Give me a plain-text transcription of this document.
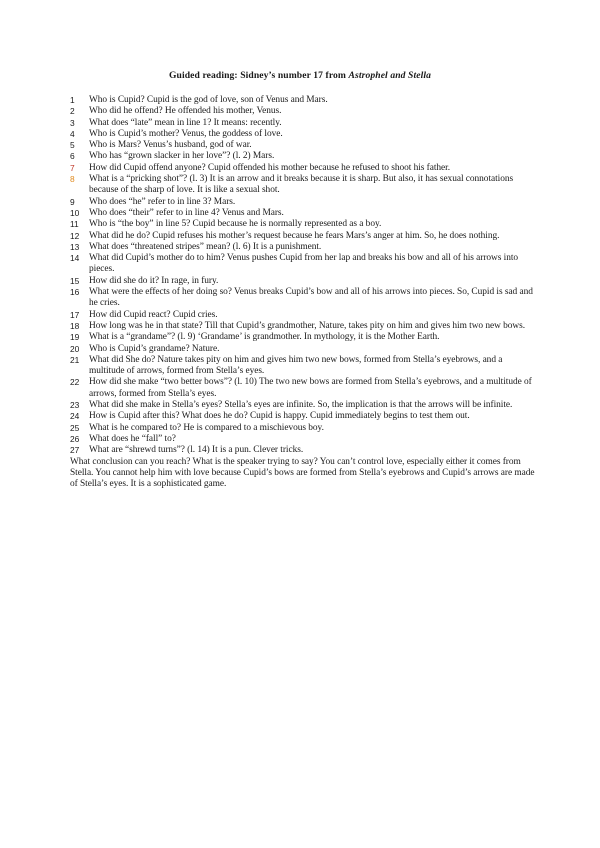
Guided reading: Sidney’s number 17 from Astrophel and Stella
1	Who is Cupid? Cupid is the god of love, son of Venus and Mars.
2	Who did he offend? He offended his mother, Venus.
3	What does “late” mean in line 1? It means: recently.
4	Who is Cupid’s mother? Venus, the goddess of love.
5	Who is Mars? Venus’s husband, god of war.
6	Who has “grown slacker in her love”? (l. 2) Mars.
7	How did Cupid offend anyone? Cupid offended his mother because he refused to shoot his father.
8	What is a “pricking shot”? (l. 3) It is an arrow and it breaks because it is sharp. But also, it has sexual connotations because of the sharp of love. It is like a sexual shot.
9	Who does “he” refer to in line 3? Mars.
10	Who does “their” refer to in line 4? Venus and Mars.
11	Who is “the boy” in line 5? Cupid because he is normally represented as a boy.
12	What did he do? Cupid refuses his mother’s request because he fears Mars’s anger at him. So, he does nothing.
13	What does “threatened stripes” mean? (l. 6) It is a punishment.
14	What did Cupid’s mother do to him? Venus pushes Cupid from her lap and breaks his bow and all of his arrows into pieces.
15	How did she do it? In rage, in fury.
16	What were the effects of her doing so? Venus breaks Cupid’s bow and all of his arrows into pieces. So, Cupid is sad and he cries.
17	How did Cupid react? Cupid cries.
18	How long was he in that state? Till that Cupid’s grandmother, Nature, takes pity on him and gives him two new bows.
19	What is a “grandame”? (l. 9) ‘Grandame’ is grandmother. In mythology, it is the Mother Earth.
20	Who is Cupid’s grandame? Nature.
21	What did She do? Nature takes pity on him and gives him two new bows, formed from Stella’s eyebrows, and a multitude of arrows, formed from Stella’s eyes.
22	How did she make “two better bows”? (l. 10) The two new bows are formed from Stella’s eyebrows, and a multitude of arrows, formed from Stella’s eyes.
23	What did she make in Stella’s eyes? Stella’s eyes are infinite. So, the implication is that the arrows will be infinite.
24	How is Cupid after this? What does he do? Cupid is happy. Cupid immediately begins to test them out.
25	What is he compared to? He is compared to a mischievous boy.
26	What does he “fall” to?
27	What are “shrewd turns”? (l. 14) It is a pun. Clever tricks.
What conclusion can you reach? What is the speaker trying to say? You can’t control love, especially either it comes from Stella. You cannot help him with love because Cupid’s bows are formed from Stella’s eyebrows and Cupid’s arrows are made of Stella’s eyes. It is a sophisticated game.
